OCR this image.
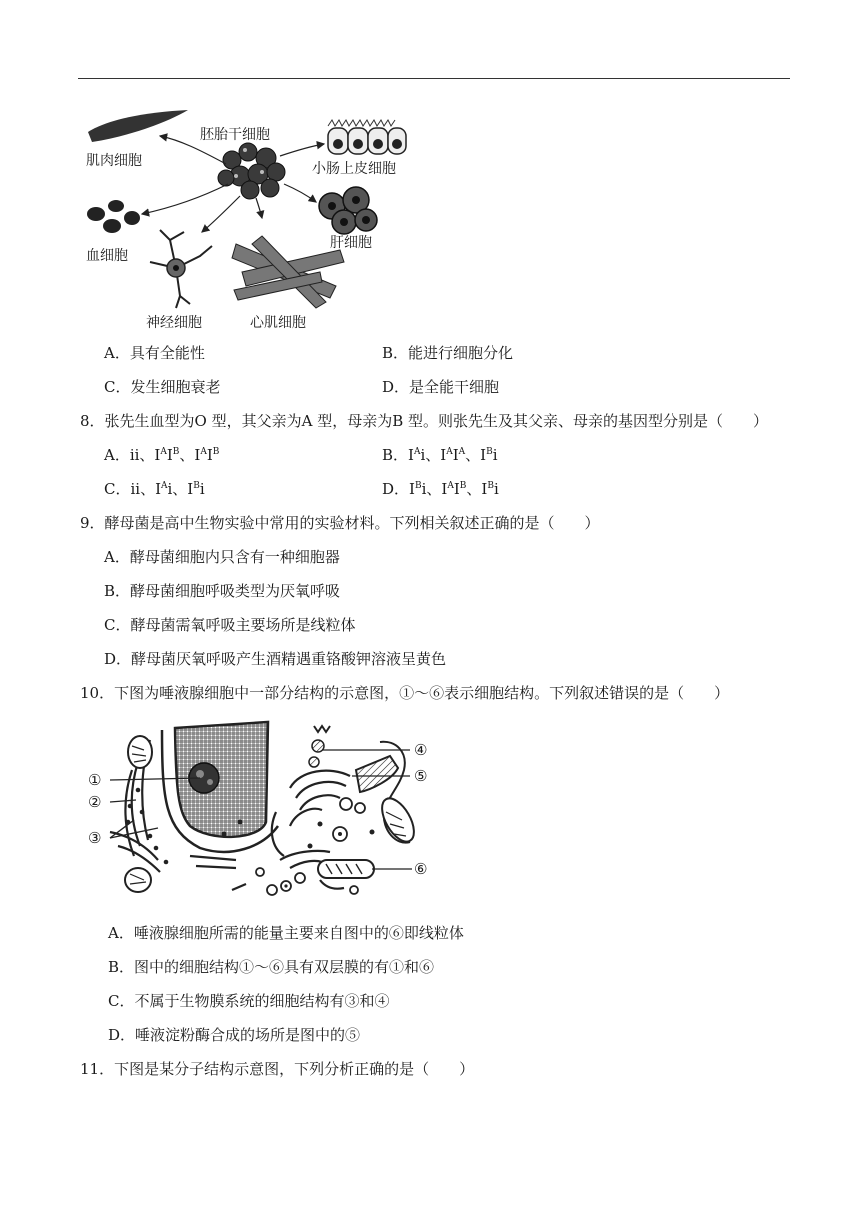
胚胎干细胞
肌肉细胞	小肠上皮细胞
血细胞
肝细胞
神经细胞	心肌细胞
A．具有全能性	B．能进行细胞分化
C．发生细胞衰老	D．是全能干细胞
8．张先生血型为O 型，其父亲为A 型，母亲为B 型。则张先生及其父亲、母亲的基因型分别是（　　）
A．ii、$I^AI^B$、$I^AI^B$	B．$I^Ai$、$I^AI^A$、$I^Bi$
C．ii、$I^Ai$、$I^Bi$	D．$I^Bi$、$I^AI^B$、$I^Bi$
9．酵母菌是高中生物实验中常用的实验材料。下列相关叙述正确的是（　　）
A．酵母菌细胞内只含有一种细胞器
B．酵母菌细胞呼吸类型为厌氧呼吸
C．酵母菌需氧呼吸主要场所是线粒体
D．酵母菌厌氧呼吸产生酒精遇重铬酸钾溶液呈黄色
10．下图为唾液腺细胞中一部分结构的示意图，①～⑥表示细胞结构。下列叙述错误的是（　　）
①
②
③
④
⑤
⑥
A．唾液腺细胞所需的能量主要来自图中的⑥即线粒体
B．图中的细胞结构①～⑥具有双层膜的有①和⑥
C．不属于生物膜系统的细胞结构有③和④
D．唾液淀粉酶合成的场所是图中的⑤
11．下图是某分子结构示意图，下列分析正确的是（　　）
